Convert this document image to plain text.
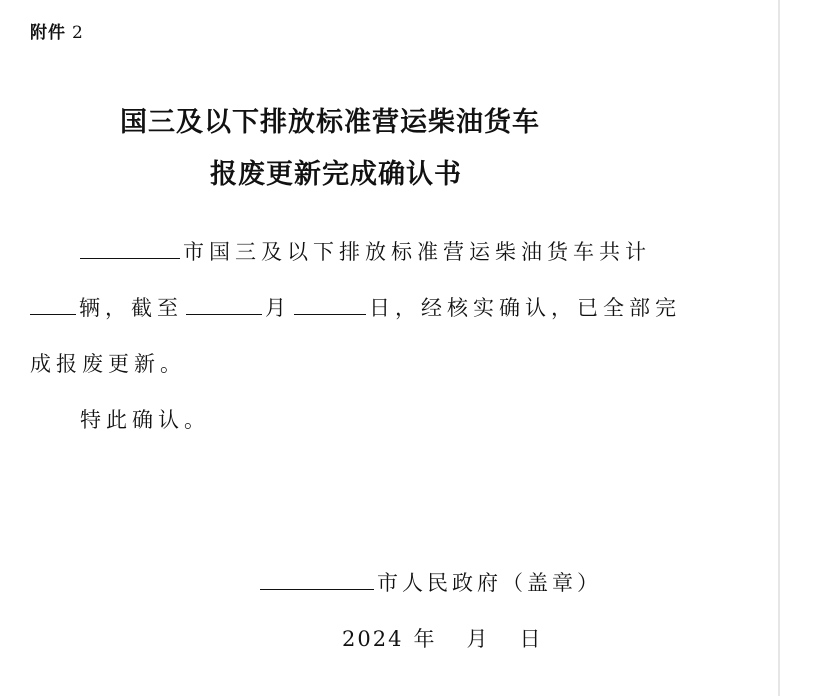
附件 2
国三及以下排放标准营运柴油货车
报废更新完成确认书
市国三及以下排放标准营运柴油货车共计
辆，截至	月	日，经核实确认，已全部完
成报废更新。
特此确认。
市人民政府（盖章）
2024 年 月 日
